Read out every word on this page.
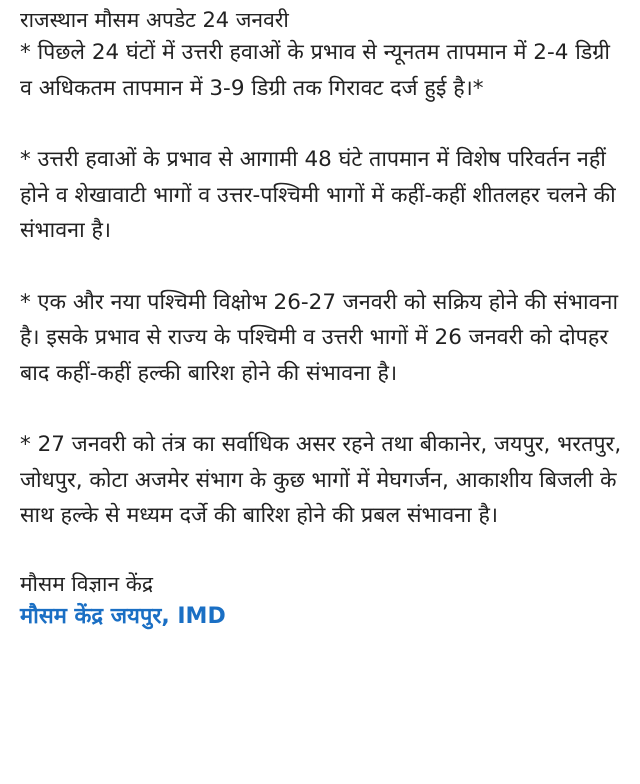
राजस्थान मौसम अपडेट 24 जनवरी

* पिछले 24 घंटों में उत्तरी हवाओं के प्रभाव से न्यूनतम तापमान में 2-4 डिग्री व अधिकतम तापमान में 3-9 डिग्री तक गिरावट दर्ज हुई है।*

* उत्तरी हवाओं के प्रभाव से आगामी 48 घंटे तापमान में विशेष परिवर्तन नहीं होने व शेखावाटी भागों व उत्तर-पश्चिमी भागों में कहीं-कहीं शीतलहर चलने की संभावना है।

* एक और नया पश्चिमी विक्षोभ 26-27 जनवरी को सक्रिय होने की संभावना है। इसके प्रभाव से राज्य के पश्चिमी व उत्तरी भागों में 26 जनवरी को दोपहर बाद कहीं-कहीं हल्की बारिश होने की संभावना है।

* 27 जनवरी को तंत्र का सर्वाधिक असर रहने तथा बीकानेर, जयपुर, भरतपुर, जोधपुर, कोटा अजमेर संभाग के कुछ भागों में मेघगर्जन, आकाशीय बिजली के साथ हल्के से मध्यम दर्जे की बारिश होने की प्रबल संभावना है।

मौसम विज्ञान केंद्र
मौसम केंद्र जयपुर, IMD
